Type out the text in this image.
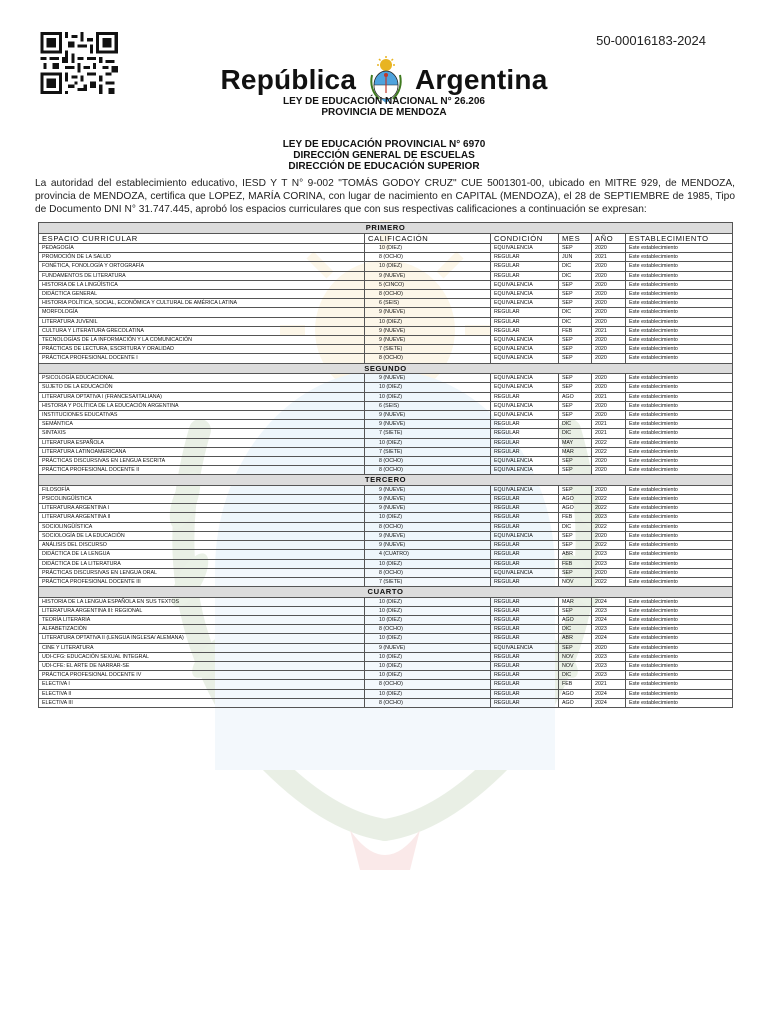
50-00016183-2024
República Argentina
LEY DE EDUCACIÓN NACIONAL N° 26.206
PROVINCIA DE MENDOZA
LEY DE EDUCACIÓN PROVINCIAL N° 6970
DIRECCIÓN GENERAL DE ESCUELAS
DIRECCIÓN DE EDUCACIÓN SUPERIOR
La autoridad del establecimiento educativo, IESD Y T N° 9-002 "TOMÁS GODOY CRUZ" CUE 5001301-00, ubicado en MITRE 929, de MENDOZA, provincia de MENDOZA, certifica que LOPEZ, MARÍA CORINA, con lugar de nacimiento en CAPITAL (MENDOZA), el 28 de SEPTIEMBRE de 1985, Tipo de Documento DNI N° 31.747.445, aprobó los espacios curriculares que con sus respectivas calificaciones a continuación se expresan:
PRIMERO					
ESPACIO CURRICULAR	CALIFICACIÓN	CONDICIÓN	MES	AÑO	ESTABLECIMIENTO
PEDAGOGÍA	10 (DIEZ)	EQUIVALENCIA	SEP	2020	Este establecimiento
PROMOCIÓN DE LA SALUD	8 (OCHO)	REGULAR	JUN	2021	Este establecimiento
FONÉTICA, FONOLOGÍA Y ORTOGRAFÍA	10 (DIEZ)	REGULAR	DIC	2020	Este establecimiento
FUNDAMENTOS DE LITERATURA	9 (NUEVE)	REGULAR	DIC	2020	Este establecimiento
HISTORIA DE LA LINGÜÍSTICA	5 (CINCO)	EQUIVALENCIA	SEP	2020	Este establecimiento
DIDÁCTICA GENERAL	8 (OCHO)	EQUIVALENCIA	SEP	2020	Este establecimiento
HISTORIA POLÍTICA, SOCIAL, ECONÓMICA Y CULTURAL DE AMÉRICA LATINA	6 (SEIS)	EQUIVALENCIA	SEP	2020	Este establecimiento
MORFOLOGÍA	9 (NUEVE)	REGULAR	DIC	2020	Este establecimiento
LITERATURA JUVENIL	10 (DIEZ)	REGULAR	DIC	2020	Este establecimiento
CULTURA Y LITERATURA GRECOLATINA	9 (NUEVE)	REGULAR	FEB	2021	Este establecimiento
TECNOLOGÍAS DE LA INFORMACIÓN Y LA COMUNICACIÓN	9 (NUEVE)	EQUIVALENCIA	SEP	2020	Este establecimiento
PRÁCTICAS DE LECTURA, ESCRITURA Y ORALIDAD	7 (SIETE)	EQUIVALENCIA	SEP	2020	Este establecimiento
PRÁCTICA PROFESIONAL DOCENTE I	8 (OCHO)	EQUIVALENCIA	SEP	2020	Este establecimiento
SEGUNDO					
PSICOLOGÍA EDUCACIONAL	9 (NUEVE)	EQUIVALENCIA	SEP	2020	Este establecimiento
SUJETO DE LA EDUCACIÓN	10 (DIEZ)	EQUIVALENCIA	SEP	2020	Este establecimiento
LITERATURA OPTATIVA I (FRANCESA/ITALIANA)	10 (DIEZ)	REGULAR	AGO	2021	Este establecimiento
HISTORIA Y POLÍTICA DE LA EDUCACIÓN ARGENTINA	6 (SEIS)	EQUIVALENCIA	SEP	2020	Este establecimiento
INSTITUCIONES EDUCATIVAS	9 (NUEVE)	EQUIVALENCIA	SEP	2020	Este establecimiento
SEMÁNTICA	9 (NUEVE)	REGULAR	DIC	2021	Este establecimiento
SINTAXIS	7 (SIETE)	REGULAR	DIC	2021	Este establecimiento
LITERATURA ESPAÑOLA	10 (DIEZ)	REGULAR	MAY	2022	Este establecimiento
LITERATURA LATINOAMERICANA	7 (SIETE)	REGULAR	MAR	2022	Este establecimiento
PRÁCTICAS DISCURSIVAS EN LENGUA ESCRITA	8 (OCHO)	EQUIVALENCIA	SEP	2020	Este establecimiento
PRÁCTICA PROFESIONAL DOCENTE II	8 (OCHO)	EQUIVALENCIA	SEP	2020	Este establecimiento
TERCERO					
FILOSOFÍA	9 (NUEVE)	EQUIVALENCIA	SEP	2020	Este establecimiento
PSICOLINGÜÍSTICA	9 (NUEVE)	REGULAR	AGO	2022	Este establecimiento
LITERATURA ARGENTINA I	9 (NUEVE)	REGULAR	AGO	2022	Este establecimiento
LITERATURA ARGENTINA II	10 (DIEZ)	REGULAR	FEB	2023	Este establecimiento
SOCIOLINGÜÍSTICA	8 (OCHO)	REGULAR	DIC	2022	Este establecimiento
SOCIOLOGÍA DE LA EDUCACIÓN	9 (NUEVE)	EQUIVALENCIA	SEP	2020	Este establecimiento
ANÁLISIS DEL DISCURSO	9 (NUEVE)	REGULAR	SEP	2022	Este establecimiento
DIDÁCTICA DE LA LENGUA	4 (CUATRO)	REGULAR	ABR	2023	Este establecimiento
DIDÁCTICA DE LA LITERATURA	10 (DIEZ)	REGULAR	FEB	2023	Este establecimiento
PRÁCTICAS DISCURSIVAS EN LENGUA ORAL	8 (OCHO)	EQUIVALENCIA	SEP	2020	Este establecimiento
PRÁCTICA PROFESIONAL DOCENTE III	7 (SIETE)	REGULAR	NOV	2022	Este establecimiento
CUARTO					
HISTORIA DE LA LENGUA ESPAÑOLA EN SUS TEXTOS	10 (DIEZ)	REGULAR	MAR	2024	Este establecimiento
LITERATURA ARGENTINA III: REGIONAL	10 (DIEZ)	REGULAR	SEP	2023	Este establecimiento
TEORÍA LITERARIA	10 (DIEZ)	REGULAR	AGO	2024	Este establecimiento
ALFABETIZACIÓN	8 (OCHO)	REGULAR	DIC	2023	Este establecimiento
LITERATURA OPTATIVA II (LENGUA INGLESA/ ALEMANA)	10 (DIEZ)	REGULAR	ABR	2024	Este establecimiento
CINE Y LITERATURA	9 (NUEVE)	EQUIVALENCIA	SEP	2020	Este establecimiento
UDI-CFG: EDUCACIÓN SEXUAL INTEGRAL	10 (DIEZ)	REGULAR	NOV	2023	Este establecimiento
UDI-CFE: EL ARTE DE NARRAR-SE	10 (DIEZ)	REGULAR	NOV	2023	Este establecimiento
PRÁCTICA PROFESIONAL DOCENTE IV	10 (DIEZ)	REGULAR	DIC	2023	Este establecimiento
ELECTIVA I	8 (OCHO)	REGULAR	FEB	2021	Este establecimiento
ELECTIVA II	10 (DIEZ)	REGULAR	AGO	2024	Este establecimiento
ELECTIVA III	8 (OCHO)	REGULAR	AGO	2024	Este establecimiento
